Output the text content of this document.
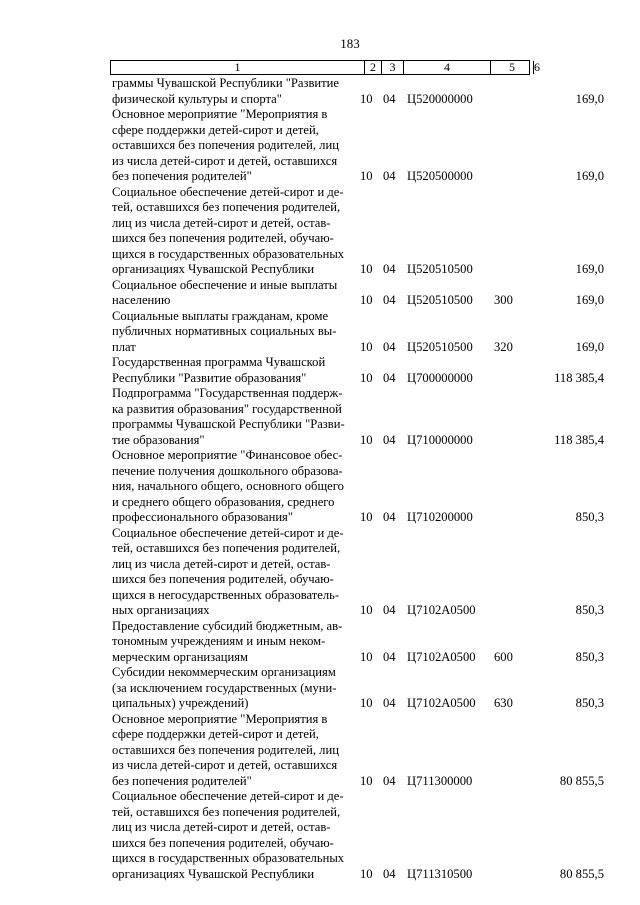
183
1	2	3	4	5	6
граммы Чувашской Республики "Развитие
физической культуры и спорта"	10 04 Ц520000000	169,0
Основное мероприятие "Мероприятия в
сфере поддержки детей-сирот и детей,
оставшихся без попечения родителей, лиц
из числа детей-сирот и детей, оставшихся
без попечения родителей"	10 04 Ц520500000	169,0
Социальное обеспечение детей-сирот и де-
тей, оставшихся без попечения родителей,
лиц из числа детей-сирот и детей, остав-
шихся без попечения родителей, обучаю-
щихся в государственных образовательных
организациях Чувашской Республики	10 04 Ц520510500	169,0
Социальное обеспечение и иные выплаты
населению	10 04 Ц520510500 300	169,0
Социальные выплаты гражданам, кроме
публичных нормативных социальных вы-
плат	10 04 Ц520510500 320	169,0
Государственная программа Чувашской
Республики "Развитие образования"	10 04 Ц700000000	118 385,4
Подпрограмма "Государственная поддерж-
ка развития образования" государственной
программы Чувашской Республики "Разви-
тие образования"	10 04 Ц710000000	118 385,4
Основное мероприятие "Финансовое обес-
печение получения дошкольного образова-
ния, начального общего, основного общего
и среднего общего образования, среднего
профессионального образования"	10 04 Ц710200000	850,3
Социальное обеспечение детей-сирот и де-
тей, оставшихся без попечения родителей,
лиц из числа детей-сирот и детей, остав-
шихся без попечения родителей, обучаю-
щихся в негосударственных образователь-
ных организациях	10 04 Ц7102А0500	850,3
Предоставление субсидий бюджетным, ав-
тономным учреждениям и иным неком-
мерческим организациям	10 04 Ц7102А0500 600	850,3
Субсидии некоммерческим организациям
(за исключением государственных (муни-
ципальных) учреждений)	10 04 Ц7102А0500 630	850,3
Основное мероприятие "Мероприятия в
сфере поддержки детей-сирот и детей,
оставшихся без попечения родителей, лиц
из числа детей-сирот и детей, оставшихся
без попечения родителей"	10 04 Ц711300000	80 855,5
Социальное обеспечение детей-сирот и де-
тей, оставшихся без попечения родителей,
лиц из числа детей-сирот и детей, остав-
шихся без попечения родителей, обучаю-
щихся в государственных образовательных
организациях Чувашской Республики	10 04 Ц711310500	80 855,5
